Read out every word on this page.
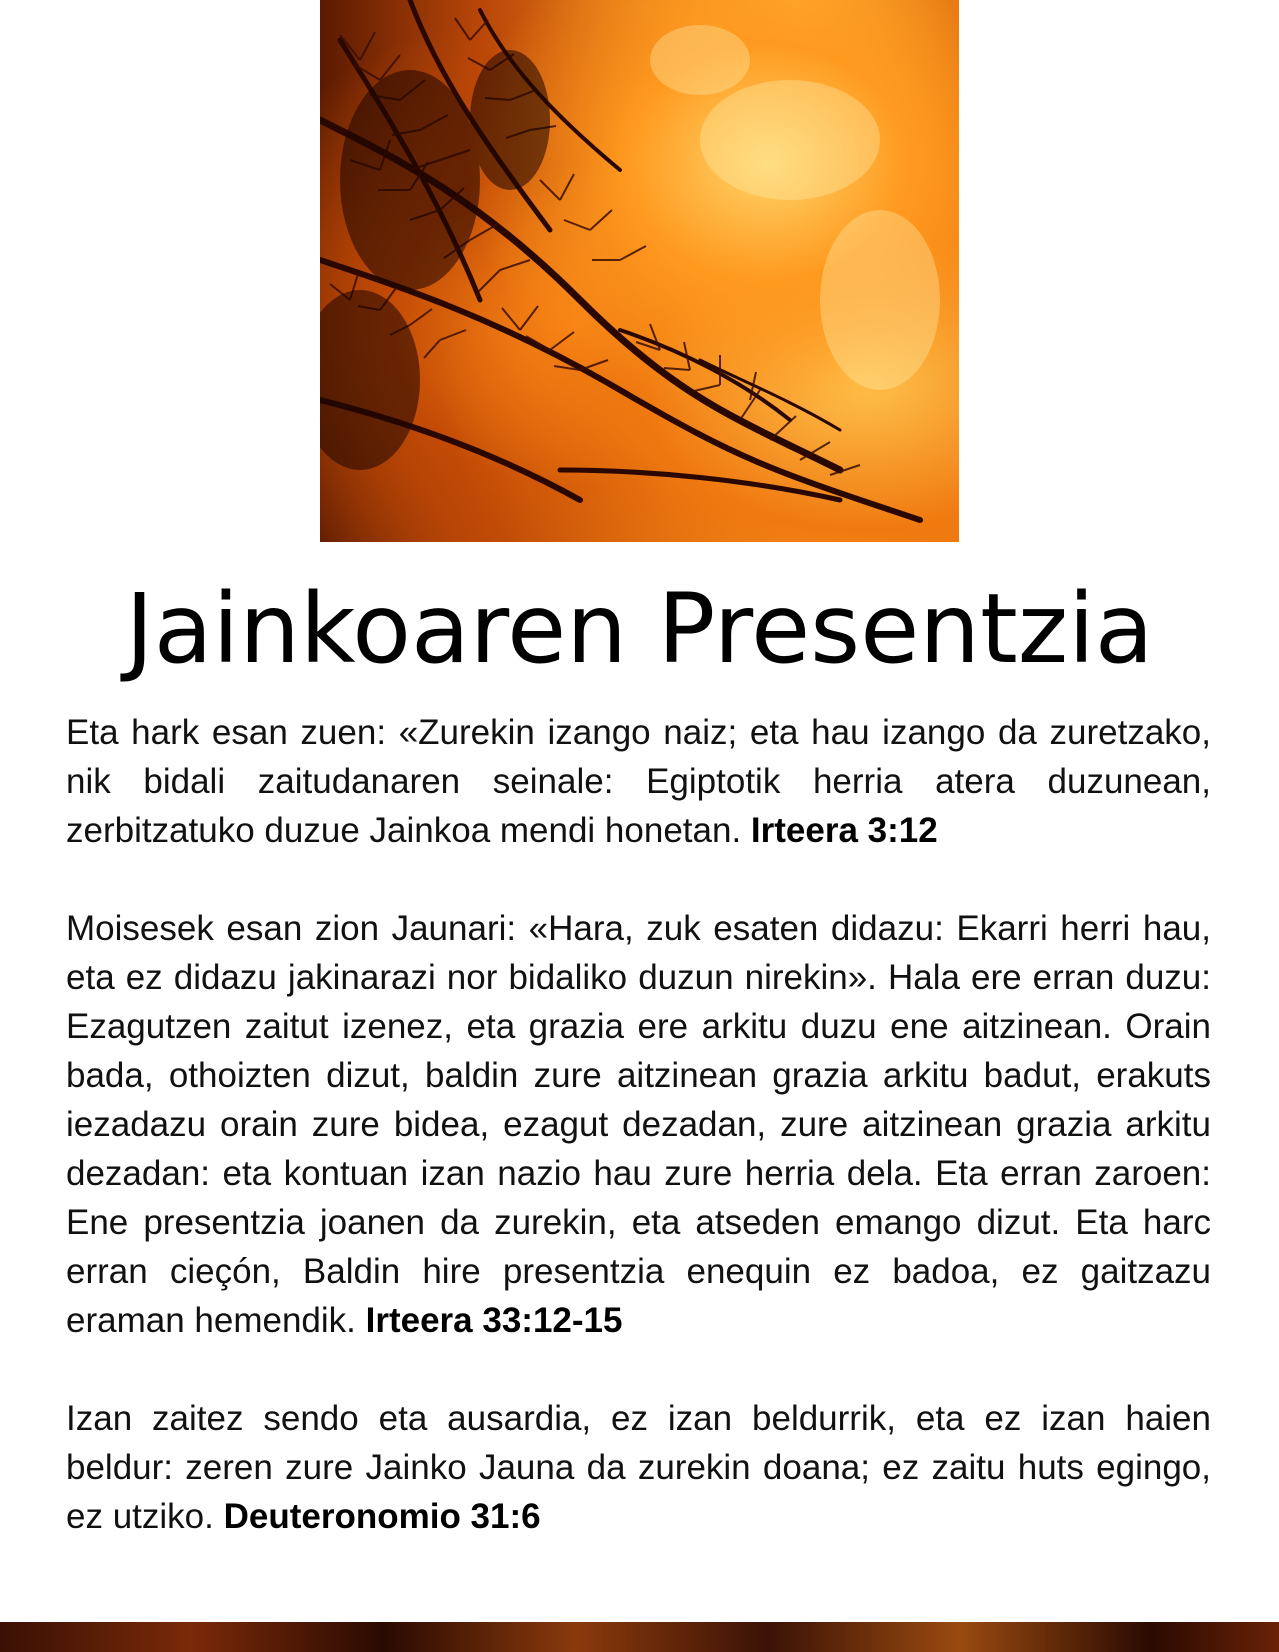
Jainkoaren Presentzia

Eta hark esan zuen: «Zurekin izango naiz; eta hau izango da zuretzako, nik bidali zaitudanaren seinale: Egiptotik herria atera duzunean, zerbitzatuko duzue Jainkoa mendi honetan. Irteera 3:12

Moisesek esan zion Jaunari: «Hara, zuk esaten didazu: Ekarri herri hau, eta ez didazu jakinarazi nor bidaliko duzun nirekin». Hala ere erran duzu: Ezagutzen zaitut izenez, eta grazia ere arkitu duzu ene aitzinean. Orain bada, othoizten dizut, baldin zure aitzinean grazia arkitu badut, erakuts iezadazu orain zure bidea, ezagut dezadan, zure aitzinean grazia arkitu dezadan: eta kontuan izan nazio hau zure herria dela. Eta erran zaroen: Ene presentzia joanen da zurekin, eta atseden emango dizut. Eta harc erran cieçón, Baldin hire presentzia enequin ez badoa, ez gaitzazu eraman hemendik. Irteera 33:12-15

Izan zaitez sendo eta ausardia, ez izan beldurrik, eta ez izan haien beldur: zeren zure Jainko Jauna da zurekin doana; ez zaitu huts egingo, ez utziko. Deuteronomio 31:6
